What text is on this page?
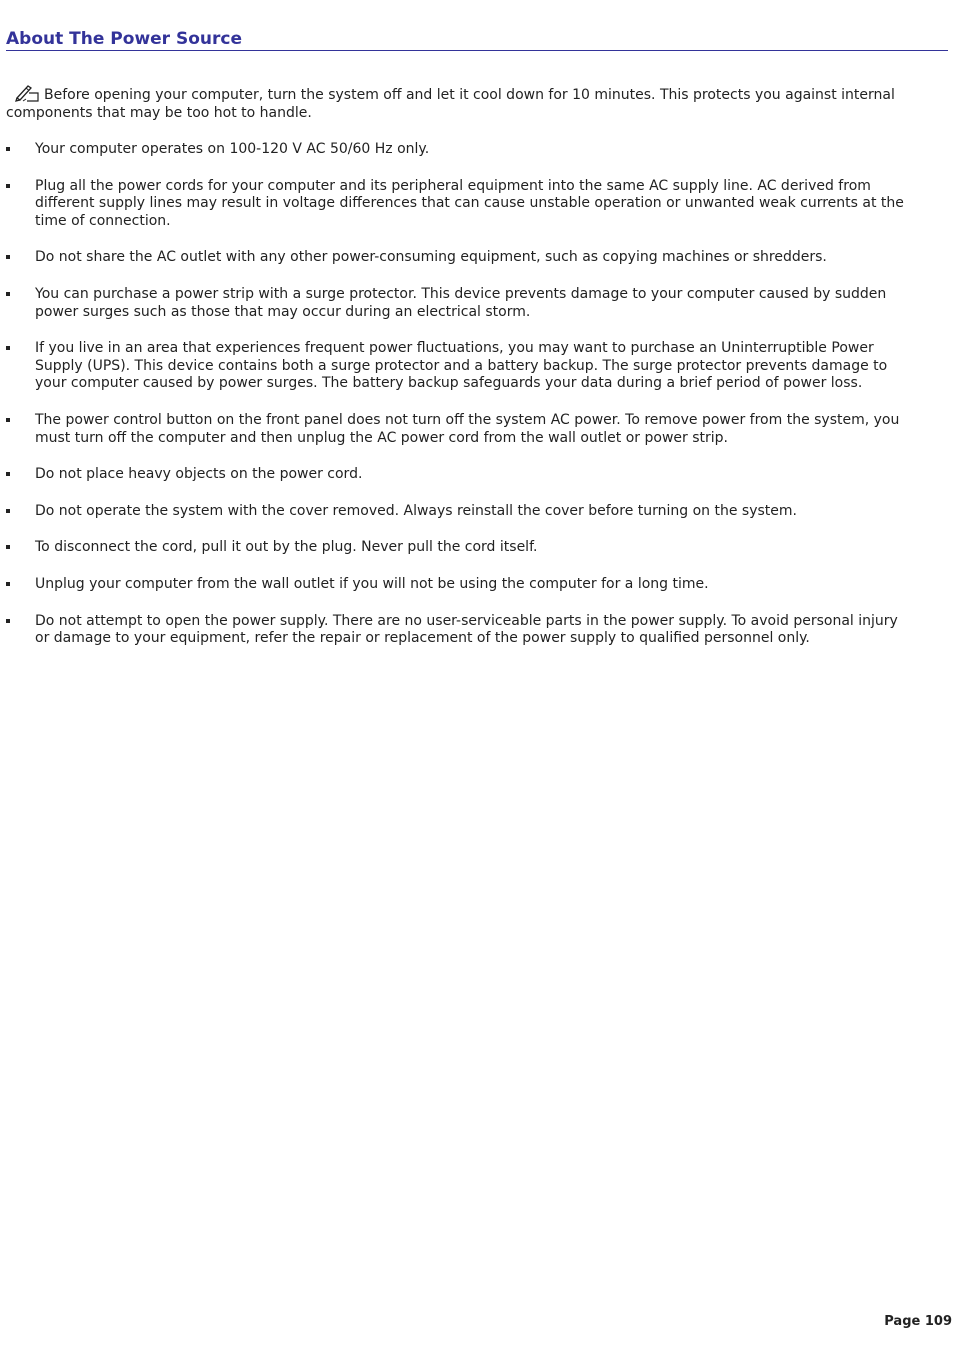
About The Power Source

Before opening your computer, turn the system off and let it cool down for 10 minutes. This protects you against internal components that may be too hot to handle.

Your computer operates on 100-120 V AC 50/60 Hz only.
Plug all the power cords for your computer and its peripheral equipment into the same AC supply line. AC derived from different supply lines may result in voltage differences that can cause unstable operation or unwanted weak currents at the time of connection.
Do not share the AC outlet with any other power-consuming equipment, such as copying machines or shredders.
You can purchase a power strip with a surge protector. This device prevents damage to your computer caused by sudden power surges such as those that may occur during an electrical storm.
If you live in an area that experiences frequent power fluctuations, you may want to purchase an Uninterruptible Power Supply (UPS). This device contains both a surge protector and a battery backup. The surge protector prevents damage to your computer caused by power surges. The battery backup safeguards your data during a brief period of power loss.
The power control button on the front panel does not turn off the system AC power. To remove power from the system, you must turn off the computer and then unplug the AC power cord from the wall outlet or power strip.
Do not place heavy objects on the power cord.
Do not operate the system with the cover removed. Always reinstall the cover before turning on the system.
To disconnect the cord, pull it out by the plug. Never pull the cord itself.
Unplug your computer from the wall outlet if you will not be using the computer for a long time.
Do not attempt to open the power supply. There are no user-serviceable parts in the power supply. To avoid personal injury or damage to your equipment, refer the repair or replacement of the power supply to qualified personnel only.
Page 109
